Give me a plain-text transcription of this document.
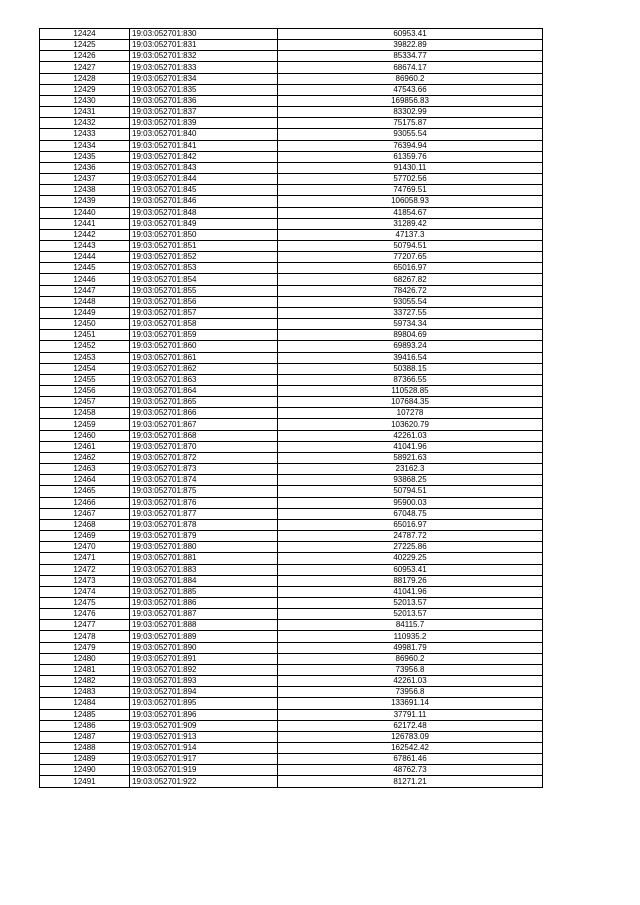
12424	19:03:052701:830	60953.41
12425	19:03:052701:831	39822.89
12426	19:03:052701:832	85334.77
12427	19:03:052701:833	68674.17
12428	19:03:052701:834	86960.2
12429	19:03:052701:835	47543.66
12430	19:03:052701:836	169856.83
12431	19:03:052701:837	83302.99
12432	19:03:052701:839	75175.87
12433	19:03:052701:840	93055.54
12434	19:03:052701:841	76394.94
12435	19:03:052701:842	61359.76
12436	19:03:052701:843	91430.11
12437	19:03:052701:844	57702.56
12438	19:03:052701:845	74769.51
12439	19:03:052701:846	106058.93
12440	19:03:052701:848	41854.67
12441	19:03:052701:849	31289.42
12442	19:03:052701:850	47137.3
12443	19:03:052701:851	50794.51
12444	19:03:052701:852	77207.65
12445	19:03:052701:853	65016.97
12446	19:03:052701:854	68267.82
12447	19:03:052701:855	78426.72
12448	19:03:052701:856	93055.54
12449	19:03:052701:857	33727.55
12450	19:03:052701:858	59734.34
12451	19:03:052701:859	89804.69
12452	19:03:052701:860	69893.24
12453	19:03:052701:861	39416.54
12454	19:03:052701:862	50388.15
12455	19:03:052701:863	87366.55
12456	19:03:052701:864	110528.85
12457	19:03:052701:865	107684.35
12458	19:03:052701:866	107278
12459	19:03:052701:867	103620.79
12460	19:03:052701:868	42261.03
12461	19:03:052701:870	41041.96
12462	19:03:052701:872	58921.63
12463	19:03:052701:873	23162.3
12464	19:03:052701:874	93868.25
12465	19:03:052701:875	50794.51
12466	19:03:052701:876	95900.03
12467	19:03:052701:877	67048.75
12468	19:03:052701:878	65016.97
12469	19:03:052701:879	24787.72
12470	19:03:052701:880	27225.86
12471	19:03:052701:881	40229.25
12472	19:03:052701:883	60953.41
12473	19:03:052701:884	88179.26
12474	19:03:052701:885	41041.96
12475	19:03:052701:886	52013.57
12476	19:03:052701:887	52013.57
12477	19:03:052701:888	84115.7
12478	19:03:052701:889	110935.2
12479	19:03:052701:890	49981.79
12480	19:03:052701:891	86960.2
12481	19:03:052701:892	73956.8
12482	19:03:052701:893	42261.03
12483	19:03:052701:894	73956.8
12484	19:03:052701:895	133691.14
12485	19:03:052701:896	37791.11
12486	19:03:052701:909	62172.48
12487	19:03:052701:913	126783.09
12488	19:03:052701:914	162542.42
12489	19:03:052701:917	67861.46
12490	19:03:052701:919	48762.73
12491	19:03:052701:922	81271.21
